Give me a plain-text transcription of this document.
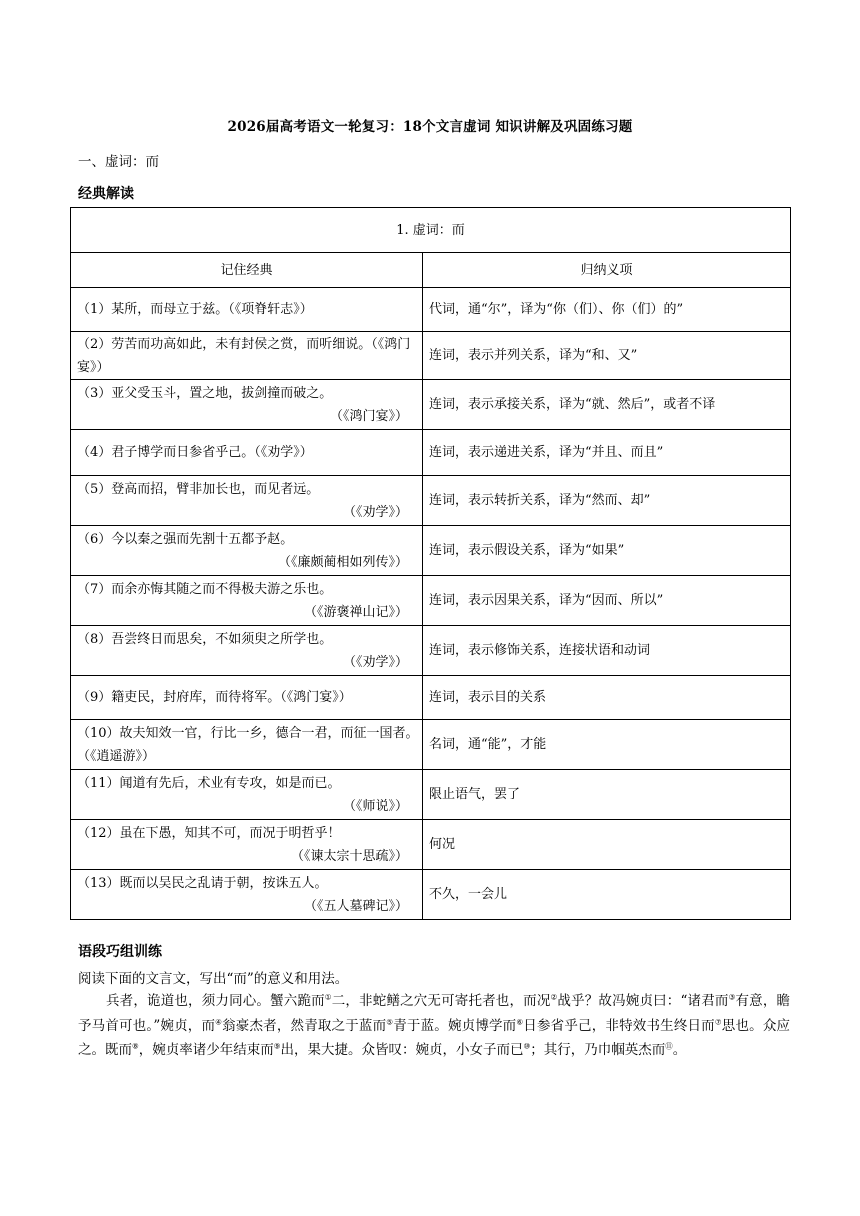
2026届高考语文一轮复习：18个文言虚词 知识讲解及巩固练习题
一、虚词：而
经典解读
1. 虚词：而	
记住经典	归纳义项

（1）某所，而母立于兹。（《项脊轩志》）	代词，通“尔”，译为“你（们）、你（们）的”

（2）劳苦而功高如此，未有封侯之赏，而听细说。（《鸿门宴》）	连词，表示并列关系，译为“和、又”

（3）亚父受玉斗，置之地，拔剑撞而破之。
（《鸿门宴》）	连词，表示承接关系，译为“就、然后”，或者不译

（4）君子博学而日参省乎己。（《劝学》）	连词，表示递进关系，译为“并且、而且”

（5）登高而招，臂非加长也，而见者远。
（《劝学》）	连词，表示转折关系，译为“然而、却”

（6）今以秦之强而先割十五都予赵。
（《廉颇蔺相如列传》）	连词，表示假设关系，译为“如果”

（7）而余亦悔其随之而不得极夫游之乐也。
（《游褒禅山记》）	连词，表示因果关系，译为“因而、所以”

（8）吾尝终日而思矣，不如须臾之所学也。
（《劝学》）	连词，表示修饰关系，连接状语和动词

（9）籍吏民，封府库，而待将军。（《鸿门宴》）	连词，表示目的关系

（10）故夫知效一官，行比一乡，德合一君，而征一国者。　　　　（《逍遥游》）	名词，通“能”，才能

（11）闻道有先后，术业有专攻，如是而已。
（《师说》）	限止语气，罢了

（12）虽在下愚，知其不可，而况于明哲乎！
（《谏太宗十思疏》）	何况

（13）既而以吴民之乱请于朝，按诛五人。
（《五人墓碑记》）	不久，一会儿
语段巧组训练
阅读下面的文言文，写出“而”的意义和用法。
兵者，诡道也，须力同心。蟹六跪而①二，非蛇鳝之穴无可寄托者也，而况②战乎？故冯婉贞曰：“诸君而③有意，瞻予马首可也。”婉贞，而④翁豪杰者，然青取之于蓝而⑤青于蓝。婉贞博学而⑥日参省乎己，非特效书生终日而⑦思也。众应之。既而⑧，婉贞率诸少年结束而⑨出，果大捷。众皆叹：婉贞，小女子而已⑩；其行，乃巾帼英杰而⑪。
